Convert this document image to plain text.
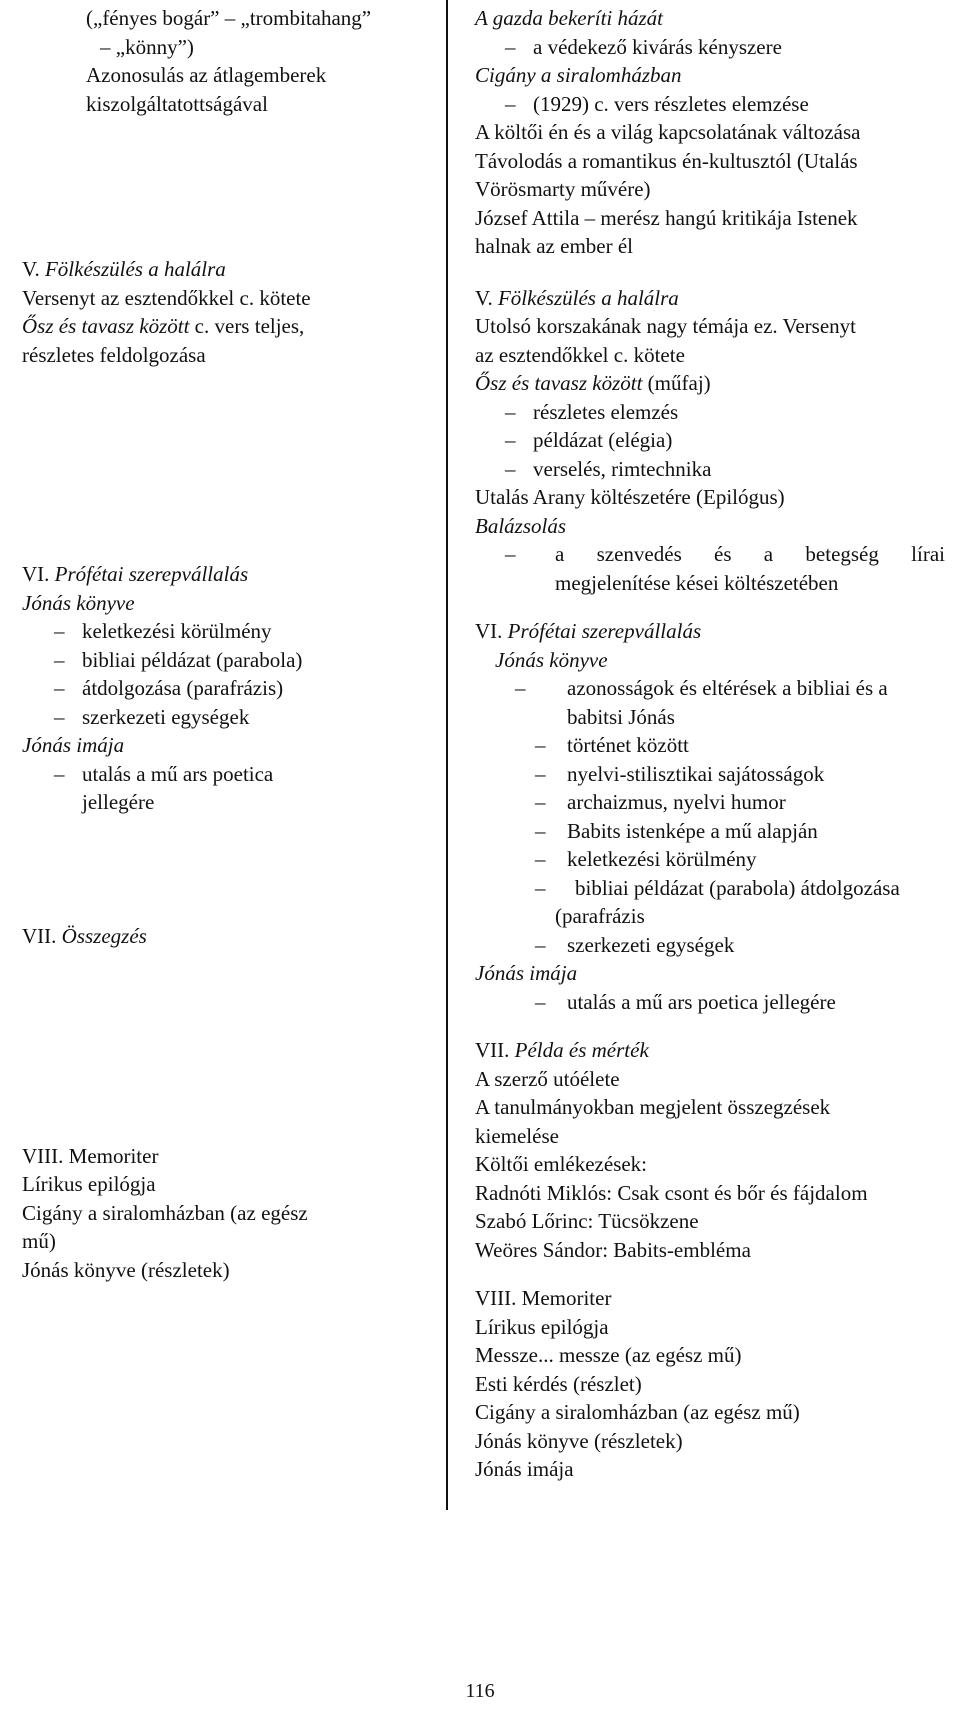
(„fényes bogár” – „trombitahang”
– „könny”)
Azonosulás az átlagemberek
kiszolgáltatottságával
V. Fölkészülés a halálra
Versenyt az esztendőkkel c. kötete
Ősz és tavasz között c. vers teljes,
részletes feldolgozása
VI. Prófétai szerepvállalás
Jónás könyve
– keletkezési körülmény
– bibliai példázat (parabola)
– átdolgozása (parafrázis)
– szerkezeti egységek
Jónás imája
– utalás a mű ars poetica
jellegére
VII. Összegzés
VIII. Memoriter
Lírikus epilógja
Cigány a siralomházban (az egész
mű)
Jónás könyve (részletek)
A gazda bekeríti házát
– a védekező kivárás kényszere
Cigány a siralomházban
– (1929) c. vers részletes elemzése
A költői én és a világ kapcsolatának változása
Távolodás a romantikus én-kultusztól (Utalás
Vörösmarty művére)
József Attila – merész hangú kritikája Istenek
halnak az ember él
V. Fölkészülés a halálra
Utolsó korszakának nagy témája ez. Versenyt
az esztendőkkel c. kötete
Ősz és tavasz között (műfaj)
– részletes elemzés
– példázat (elégia)
– verselés, rimtechnika
Utalás Arany költészetére (Epilógus)
Balázsolás
–	a szenvedés és a betegség lírai
megjelenítése kései költészetében
VI. Prófétai szerepvállalás
Jónás könyve
– azonosságok és eltérések a bibliai és a
babitsi Jónás
– történet között
– nyelvi-stilisztikai sajátosságok
– archaizmus, nyelvi humor
– Babits istenképe a mű alapján
– keletkezési körülmény
– bibliai példázat (parabola) átdolgozása
(parafrázis
– szerkezeti egységek
Jónás imája
– utalás a mű ars poetica jellegére
VII. Példa és mérték
A szerző utóélete
A tanulmányokban megjelent összegzések
kiemelése
Költői emlékezések:
Radnóti Miklós: Csak csont és bőr és fájdalom
Szabó Lőrinc: Tücsökzene
Weöres Sándor: Babits-embléma
VIII. Memoriter
Lírikus epilógja
Messze... messze (az egész mű)
Esti kérdés (részlet)
Cigány a siralomházban (az egész mű)
Jónás könyve (részletek)
Jónás imája
116
